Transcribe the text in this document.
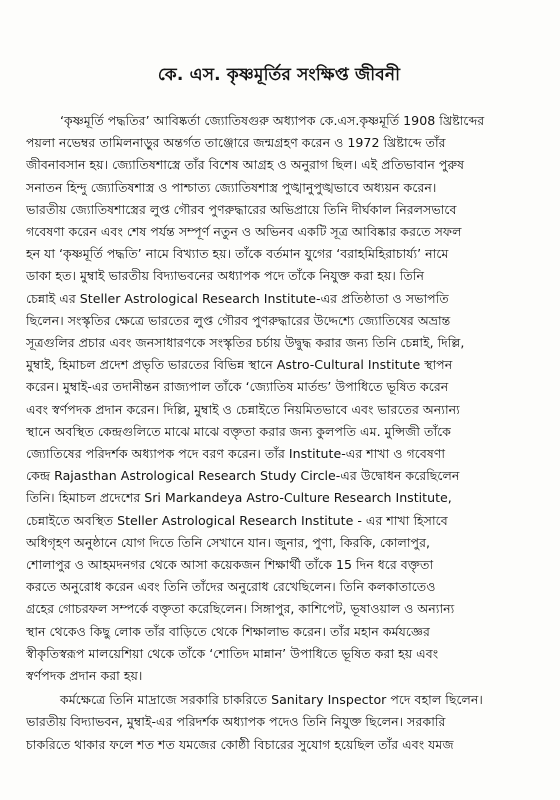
কে. এস. কৃষ্ণমূর্তির সংক্ষিপ্ত জীবনী

‘কৃষ্ণমূর্তি পদ্ধতির’ আবিষ্কর্তা জ্যোতিষগুরু অধ্যাপক কে.এস.কৃষ্ণমূর্তি 1908 খ্রিষ্টাব্দের
পয়লা নভেম্বর তামিলনাড়ুর অন্তর্গত তাঞ্জোরে জন্মগ্রহণ করেন ও 1972 খ্রিষ্টাব্দে তাঁর
জীবনাবসান হয়। জ্যোতিষশাস্ত্রে তাঁর বিশেষ আগ্রহ ও অনুরাগ ছিল। এই প্রতিভাবান পুরুষ
সনাতন হিন্দু জ্যোতিষশাস্ত্র ও পাশ্চাত্য জ্যোতিষশাস্ত্র পুঙ্খানুপুঙ্খভাবে অধ্যয়ন করেন।
ভারতীয় জ্যোতিষশাস্ত্রের লুপ্ত গৌরব পুণরুদ্ধারের অভিপ্রায়ে তিনি দীর্ঘকাল নিরলসভাবে
গবেষণা করেন এবং শেষ পর্যন্ত সম্পূর্ণ নতুন ও অভিনব একটি সূত্র আবিষ্কার করতে সফল
হন যা ‘কৃষ্ণমূর্তি পদ্ধতি’ নামে বিখ্যাত হয়। তাঁকে বর্তমান যুগের ‘বরাহমিহিরাচার্য্য’ নামে
ডাকা হত। মুম্বাই ভারতীয় বিদ্যাভবনের অধ্যাপক পদে তাঁকে নিযুক্ত করা হয়। তিনি
চেন্নাই এর Steller Astrological Research Institute-এর প্রতিষ্ঠাতা ও সভাপতি
ছিলেন। সংস্কৃতির ক্ষেত্রে ভারতের লুপ্ত গৌরব পুণরুদ্ধারের উদ্দেশ্যে জ্যোতিষের অভ্রান্ত
সূত্রগুলির প্রচার এবং জনসাধারণকে সংস্কৃতির চর্চায় উদ্বুদ্ধ করার জন্য তিনি চেন্নাই, দিল্লি,
মুম্বাই, হিমাচল প্রদেশ প্রভৃতি ভারতের বিভিন্ন স্থানে Astro-Cultural Institute স্থাপন
করেন। মুম্বাই-এর তদানীন্তন রাজ্যপাল তাঁকে ‘জ্যোতিষ মার্তন্ড’ উপাধিতে ভূষিত করেন
এবং স্বর্ণপদক প্রদান করেন। দিল্লি, মুম্বাই ও চেন্নাইতে নিয়মিতভাবে এবং ভারতের অন্যান্য
স্থানে অবস্থিত কেন্দ্রগুলিতে মাঝে মাঝে বক্তৃতা করার জন্য কুলপতি এম. মুন্সিজী তাঁকে
জ্যোতিষের পরিদর্শক অধ্যাপক পদে বরণ করেন। তাঁর Institute-এর শাখা ও গবেষণা
কেন্দ্র Rajasthan Astrological Research Study Circle-এর উদ্বোধন করেছিলেন
তিনি। হিমাচল প্রদেশের Sri Markandeya Astro-Culture Research Institute,
চেন্নাইতে অবস্থিত Steller Astrological Research Institute - এর শাখা হিসাবে
অধিগৃহণ অনুষ্ঠানে যোগ দিতে তিনি সেখানে যান। জুনার, পুণা, কিরকি, কোলাপুর,
শোলাপুর ও আহমদনগর থেকে আসা কয়েকজন শিক্ষার্থী তাঁকে 15 দিন ধরে বক্তৃতা
করতে অনুরোধ করেন এবং তিনি তাঁদের অনুরোধ রেখেছিলেন। তিনি কলকাতাতেও
গ্রহের গোচরফল সম্পর্কে বক্তৃতা করেছিলেন। সিঙ্গাপুর, কাশিপেট, ভূষাওয়াল ও অন্যান্য
স্থান থেকেও কিছু লোক তাঁর বাড়িতে থেকে শিক্ষালাভ করেন। তাঁর মহান কর্মযজ্ঞের
স্বীকৃতিস্বরূপ মালয়েশিয়া থেকে তাঁকে ‘শোতিদ মান্নান’ উপাধিতে ভূষিত করা হয় এবং
স্বর্ণপদক প্রদান করা হয়।

কর্মক্ষেত্রে তিনি মাদ্রাজে সরকারি চাকরিতে Sanitary Inspector পদে বহাল ছিলেন।
ভারতীয় বিদ্যাভবন, মুম্বাই-এর পরিদর্শক অধ্যাপক পদেও তিনি নিযুক্ত ছিলেন। সরকারি
চাকরিতে থাকার ফলে শত শত যমজের কোষ্ঠী বিচারের সুযোগ হয়েছিল তাঁর এবং যমজ
